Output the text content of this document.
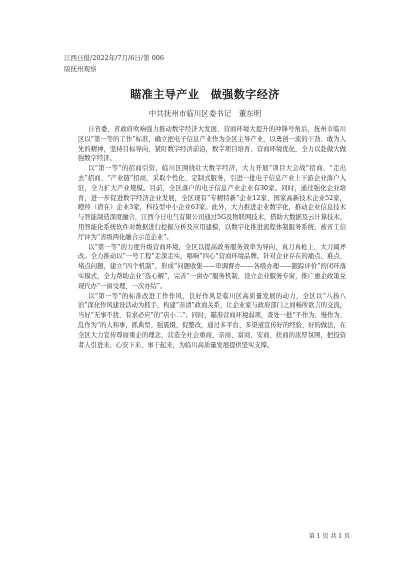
江西日报/2022年/7月/6日/第 006
版抚州观察
瞄准主导产业　做强数字经济
中共抚州市临川区委书记　董东明

自省委、省政府吹响强力推动数字经济大发展、营商环境大提升的冲锋号角后，抚州市临川区以“第一等的工作”标准，确立把电子信息产业作为全区主导产业，以勇创一流的干劲、敢为人先的精神，坚持目标导向，紧盯数字经济前沿，数字项目培育、营商环境优化，全力以赴做大做强数字经济。

以“第一等”的招商引资，临川区围绕壮大数字经济，大力开展“项目大会战”招商、“走出去”招商、“产业链”招商，采取个性化、定制式服务，引进一批电子信息产业上下游企业落户入驻，全力扩大产业规模。目前，全区落户的电子信息产业企业有30家。同时，通过强化企业培育，进一步促进数字经济企业发展，全区现有“专精特新”企业12家、国家高新技术企业52家，瞪羚（潜在）企业3家，科技型中小企业63家。此外，大力推进企业数字化，推动企业信息技术与智能制造深度融合，江西今日电气有限公司通过5G及物联网技术，借助大数据及云计算技术，用智能化系统软件对数据进行挖掘分析及应用建模，以数字化推进流程体制服务系统，被省工信厅评为“省级两化融合示范企业”。

以“第一等”的力度升级营商环境，全区以提高政务服务效率为导向，真刀真枪上、大刀阔斧改。全力推动以“一号工程”走深走实，唱响“四心”营商环境品牌。针对企业存在的痛点、难点、堵点问题，建立“四个机制”，形成“问题收集——审调督办——各级办理——跟踪评价”的闭环落实模式，全力帮助企业“选心解”，完善“一窗办”服务机制，设立企业服务专窗，推广惠企政策兑现代办“一窗受理、一次办结”。

以“第一等”的标准改进工作作风，良好作风是临川区高质量发展的动力，全区以“八扬八治”深化作风建设活动为抓手，构建“亲清”政商关系，让企业家与政府部门之间畅所欲言的交流，当好“无事不扰、有求必应”的“店小二”；同时，瞄准营商环境弱项，查处一批“不作为、慢作为、乱作为”的人和事，抓典型、强震慑、促整改，通过多平台、多渠道宣传好的经验、好的做法，在全区大力宣传尊商重企的理念，营造全社会重商、亲商、富商、安商、扶商的浓厚氛围，把投资者人引进来、心安下来、事干起来，为临川高质量发展提供坚实支撑。

第 1 页 共 1 页
